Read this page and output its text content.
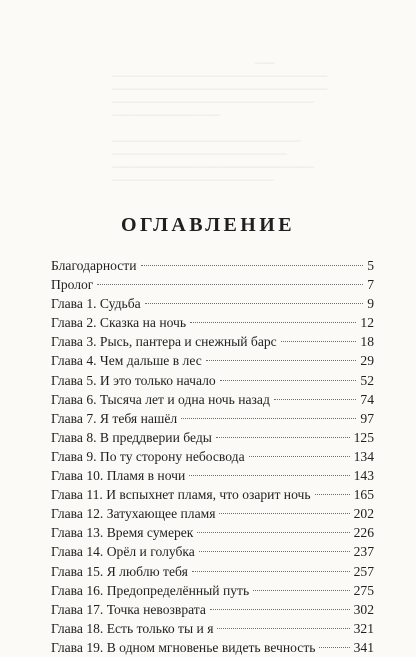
───
────────────────────────────────
────────────────────────────────
──────────────────────────────
────────────────

────────────────────────────
──────────────────────────
──────────────────────────────
────────────────────────
ОГЛАВЛЕНИЕ
Благодарности	5
Пролог	7
Глава 1. Судьба	9
Глава 2. Сказка на ночь	12
Глава 3. Рысь, пантера и снежный барс	18
Глава 4. Чем дальше в лес	29
Глава 5. И это только начало	52
Глава 6. Тысяча лет и одна ночь назад	74
Глава 7. Я тебя нашёл	97
Глава 8. В преддверии беды	125
Глава 9. По ту сторону небосвода	134
Глава 10. Пламя в ночи	143
Глава 11. И вспыхнет пламя, что озарит ночь	165
Глава 12. Затухающее пламя	202
Глава 13. Время сумерек	226
Глава 14. Орёл и голубка	237
Глава 15. Я люблю тебя	257
Глава 16. Предопределённый путь	275
Глава 17. Точка невозврата	302
Глава 18. Есть только ты и я	321
Глава 19. В одном мгновенье видеть вечность	341
